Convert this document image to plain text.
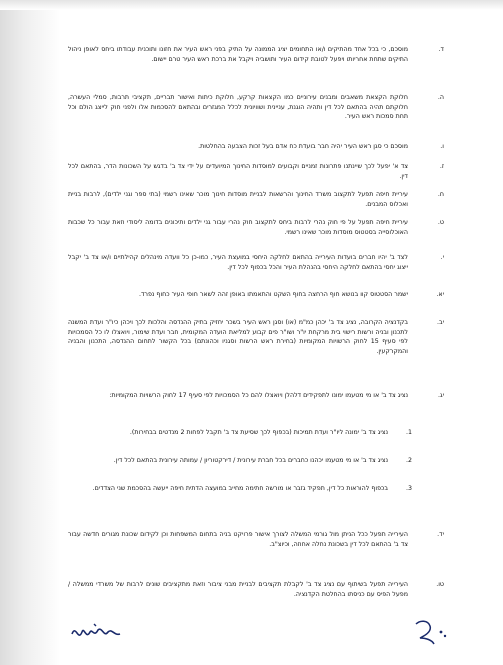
ד.
מוסכם, כי בכל אחד מהתיקים ו/או התחומים יציג הממונה על התיק בפני ראש העיר את חזונו ותוכנית עבודתו ביחס לאופן ניהול התיקים שתחת אחריותו ויפעל לטובת קידום העיר ותושביה ויקבל את ברכת ראש העיר טרם יישום.
ה.
חלוקת הקצאת משאבים ומבנים עירוניים כמו הקצאות קרקע, חלוקת כיתות ואישור תבריים, תקציבי תרבות, סמלי העשרה, חלוקתם תהיה בהתאם לכל דין ותהיה הוגנת, עניינית ושוויונית לכלל המגזרים ובהתאם להסכמות אלו ולפני חוק לייצג הולם וכל תחת סמכות ראש העיר.
ו.
מוסכם כי סגן ראש העיר יהיה חבר בועדת כח אדם בעל זכות הצבעה בהחלטות.
ז.
צד א' יפעל לכך שיינתנו פתרונות זמניים וקבועים למוסדות החינוך המיועדים על ידי צד ב' בדגש על השכונות הדר, בהתאם לכל דין.
ח.
עיריית חיפה תפעל לתקצוב משרד החינוך והרשאות לבניית מוסדות חינוך מוכר שאינו רשמי (בתי ספר וגני ילדים), לרבות בניית ואכלוס המבנים.
ט.
עיריית חיפה תפעל על פי חוק נהרי לרבות ביחס לתקצוב חוק נהרי עבור גני ילדים ותיכונים בדומה ליסודי וזאת עבור כל שכבות האוכלוסייה בסטטוס מוסדות מוכר שאינו רשמי.
י.
לצד ב' יהיו חברים בועדות העירייה בהתאם לחלקה היחסי במועצת העיר, כמו-כן כל וועדה מינהלים קהילתיים ו/או צד ב' יקבל ייצוג יחסי בהתאם לחלקה היחסי בהנהלת העיר והכל בכפוף לכל דין.
יא.
ישמר הסטטוס קוו בנושא חוף הרחצה בחוף השקט והתאמתו באופן זהה לשאר חופי העיר כחוף נפרד.
יב.
בקדנציה הקרובה, נציג צד ב' יכהן כמ"מ (או) וסגן ראש העיר בשכר יחזיק בתיק ההנדסה והלכות לכך ויכהן כיו"ר ועדת המשנה לתכנון ובניה ורשות רישוי בית מרקחת יו"ר ושו"ר פים קבוע למליאת הועדה המקומית, חבר ועדת שימור, ויואצלו לו כל הסמכויות לפי סעיף 15 לחוק הרשויות המקומיות (בחירת ראש הרשות וסגניו וכהונתם) בכל הקשור לתחום ההנדסה, התכנון והבניה והמקרקעין.
יג.
נציג צד ב' או מי מטעמו ימונו לתפקידים דלהלן ויואצלו להם כל הסמכויות לפי סעיף 17 לחוק הרשויות המקומיות:
1.
נציג צד ב' ימונה ליו"ר ועדת תמיכות (בכפוף לכך שסיעת צד ב' תקבל לפחות 2 מנדטים בבחירות).
2.
נציג צד ב' או מי מטעמו יכהנו כחברים בכל חברת עירונית / דירקטוריון / עמותה עירונית בהתאם לכל דין.
3.
בכפוף להוראות כל דין, תפקיד גזבר או מורשה חתימה מחייב במועצה הדתית חיפה ייעשה בהסכמת שני הצדדים.
יד.
העירייה תפעל ככל הניתן מול גורמי המשלה לצורך אישור פרויקט בניה בתחום המשפחות וכן לקידום שכונת מגורים חדשה עבור צד ב' בהתאם לכל דין בשכונת נחלה אחוזה, וכיוצ"ב.
טו.
העירייה תפעל בשיתוף עם נציג צד ב' לקבלת תקציבים לבניית מבני ציבור וזאת מתקציבים שונים לרבות של משרדי ממשלה / מפעל הפיס עם כניסתו בהחלטת הקדנציה.
